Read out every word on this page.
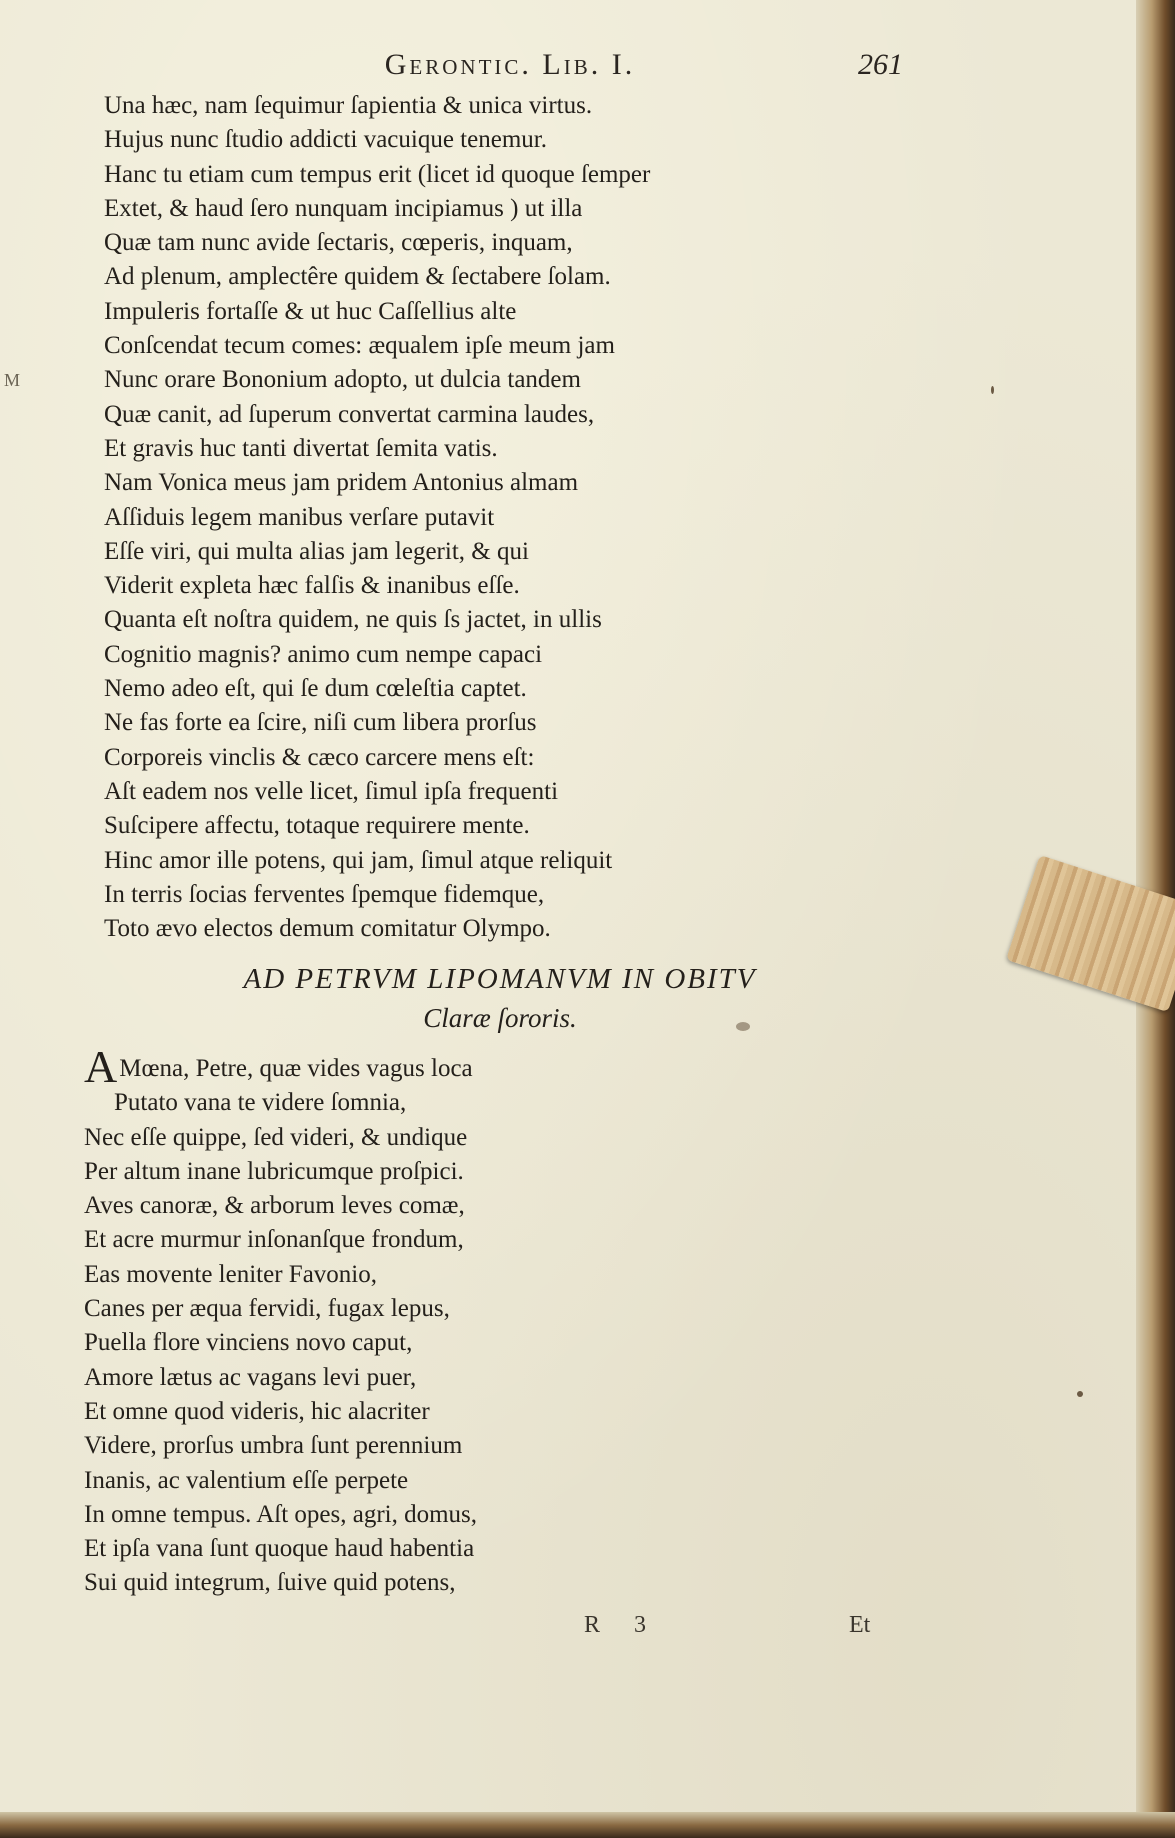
Gerontic. Lib. I.	261
M
Una hæc, nam ſequimur ſapientia & unica virtus.
Hujus nunc ſtudio addicti vacuique tenemur.
Hanc tu etiam cum tempus erit (licet id quoque ſemper
Extet, & haud ſero nunquam incipiamus ) ut illa
Quæ tam nunc avide ſectaris, cœperis, inquam,
Ad plenum, amplectêre quidem & ſectabere ſolam.
Impuleris fortaſſe & ut huc Caſſellius alte
Conſcendat tecum comes: æqualem ipſe meum jam
Nunc orare Bononium adopto, ut dulcia tandem
Quæ canit, ad ſuperum convertat carmina laudes,
Et gravis huc tanti divertat ſemita vatis.
Nam Vonica meus jam pridem Antonius almam
Aſſiduis legem manibus verſare putavit
Eſſe viri, qui multa alias jam legerit, & qui
Viderit expleta hæc falſis & inanibus eſſe.
Quanta eſt noſtra quidem, ne quis ſs jactet, in ullis
Cognitio magnis? animo cum nempe capaci
Nemo adeo eſt, qui ſe dum cœleſtia captet.
Ne fas forte ea ſcire, niſi cum libera prorſus
Corporeis vinclis & cæco carcere mens eſt:
Aſt eadem nos velle licet, ſimul ipſa frequenti
Suſcipere affectu, totaque requirere mente.
Hinc amor ille potens, qui jam, ſimul atque reliquit
In terris ſocias ferventes ſpemque fidemque,
Toto ævo electos demum comitatur Olympo.
AD PETRVM LIPOMANVM IN OBITV
Claræ ſororis.
AMœna, Petre, quæ vides vagus loca
Putato vana te videre ſomnia,
Nec eſſe quippe, ſed videri, & undique
Per altum inane lubricumque proſpici.
Aves canoræ, & arborum leves comæ,
Et acre murmur inſonanſque frondum,
Eas movente leniter Favonio,
Canes per æqua fervidi, fugax lepus,
Puella flore vinciens novo caput,
Amore lætus ac vagans levi puer,
Et omne quod videris, hic alacriter
Videre, prorſus umbra ſunt perennium
Inanis, ac valentium eſſe perpete
In omne tempus. Aſt opes, agri, domus,
Et ipſa vana ſunt quoque haud habentia
Sui quid integrum, ſuive quid potens,
R 3	Et
